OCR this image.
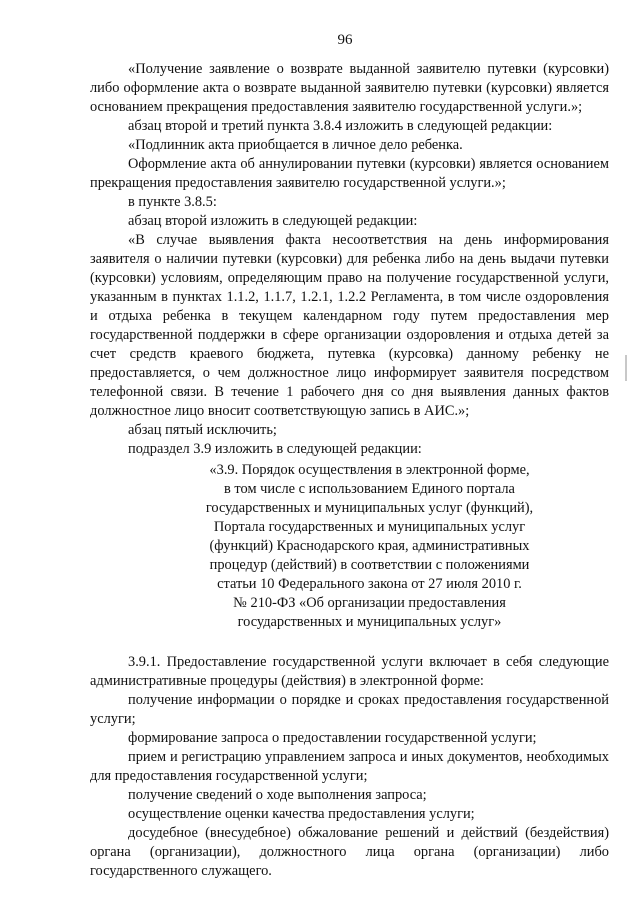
96

«Получение заявление о возврате выданной заявителю путевки (курсовки) либо оформление акта о возврате выданной заявителю путевки (курсовки) является основанием прекращения предоставления заявителю государственной услуги.»;

абзац второй и третий пункта 3.8.4 изложить в следующей редакции:

«Подлинник акта приобщается в личное дело ребенка.

Оформление акта об аннулировании путевки (курсовки) является основанием прекращения предоставления заявителю государственной услуги.»;

в пункте 3.8.5:

абзац второй изложить в следующей редакции:

«В случае выявления факта несоответствия на день информирования заявителя о наличии путевки (курсовки) для ребенка либо на день выдачи путевки (курсовки) условиям, определяющим право на получение государственной услуги, указанным в пунктах 1.1.2, 1.1.7, 1.2.1, 1.2.2 Регламента, в том числе оздоровления и отдыха ребенка в текущем календарном году путем предоставления мер государственной поддержки в сфере организации оздоровления и отдыха детей за счет средств краевого бюджета, путевка (курсовка) данному ребенку не предоставляется, о чем должностное лицо информирует заявителя посредством телефонной связи. В течение 1 рабочего дня со дня выявления данных фактов должностное лицо вносит соответствующую запись в АИС.»;

абзац пятый исключить;

подраздел 3.9 изложить в следующей редакции:

«3.9. Порядок осуществления в электронной форме,
в том числе с использованием Единого портала
государственных и муниципальных услуг (функций),
Портала государственных и муниципальных услуг
(функций) Краснодарского края, административных
процедур (действий) в соответствии с положениями
статьи 10 Федерального закона от 27 июля 2010 г.
№ 210-ФЗ «Об организации предоставления
государственных и муниципальных услуг»

3.9.1. Предоставление государственной услуги включает в себя следующие административные процедуры (действия) в электронной форме:

получение информации о порядке и сроках предоставления государственной услуги;

формирование запроса о предоставлении государственной услуги;

прием и регистрацию управлением запроса и иных документов, необходимых для предоставления государственной услуги;

получение сведений о ходе выполнения запроса;

осуществление оценки качества предоставления услуги;

досудебное (внесудебное) обжалование решений и действий (бездействия) органа (организации), должностного лица органа (организации) либо государственного служащего.
